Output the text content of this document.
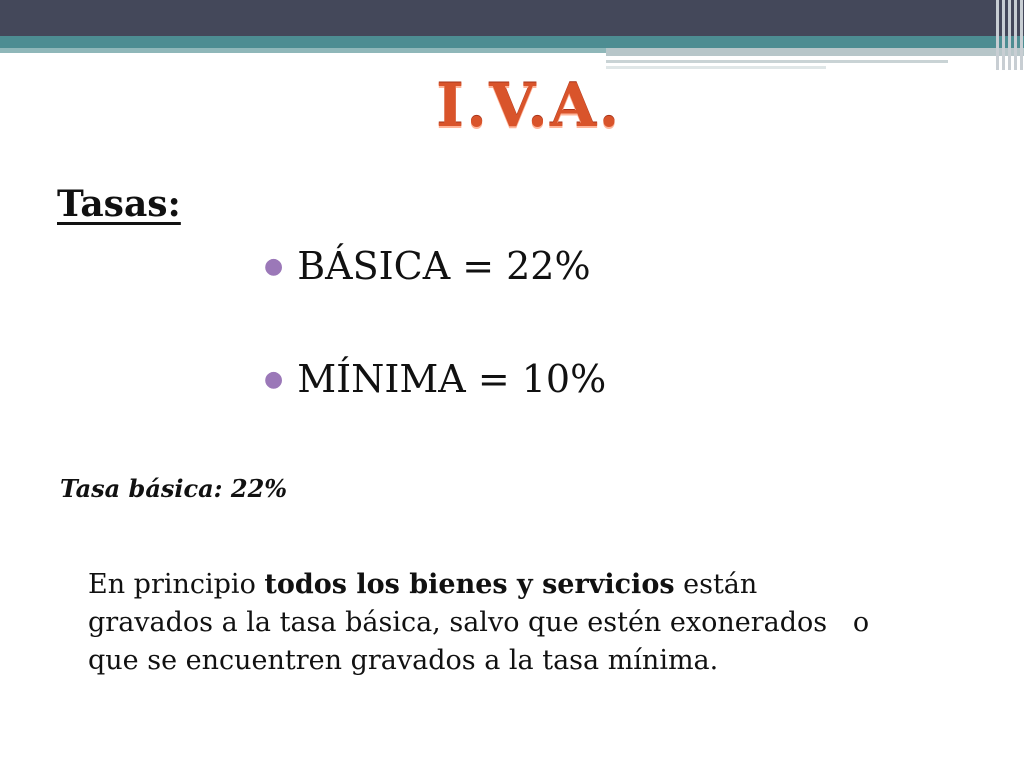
I.V.A.
Tasas:
● BÁSICA = 22%
● MÍNIMA = 10%
Tasa básica: 22%
En principio todos los bienes y servicios están
gravados a la tasa básica, salvo que estén exonerados   o
que se encuentren gravados a la tasa mínima.
